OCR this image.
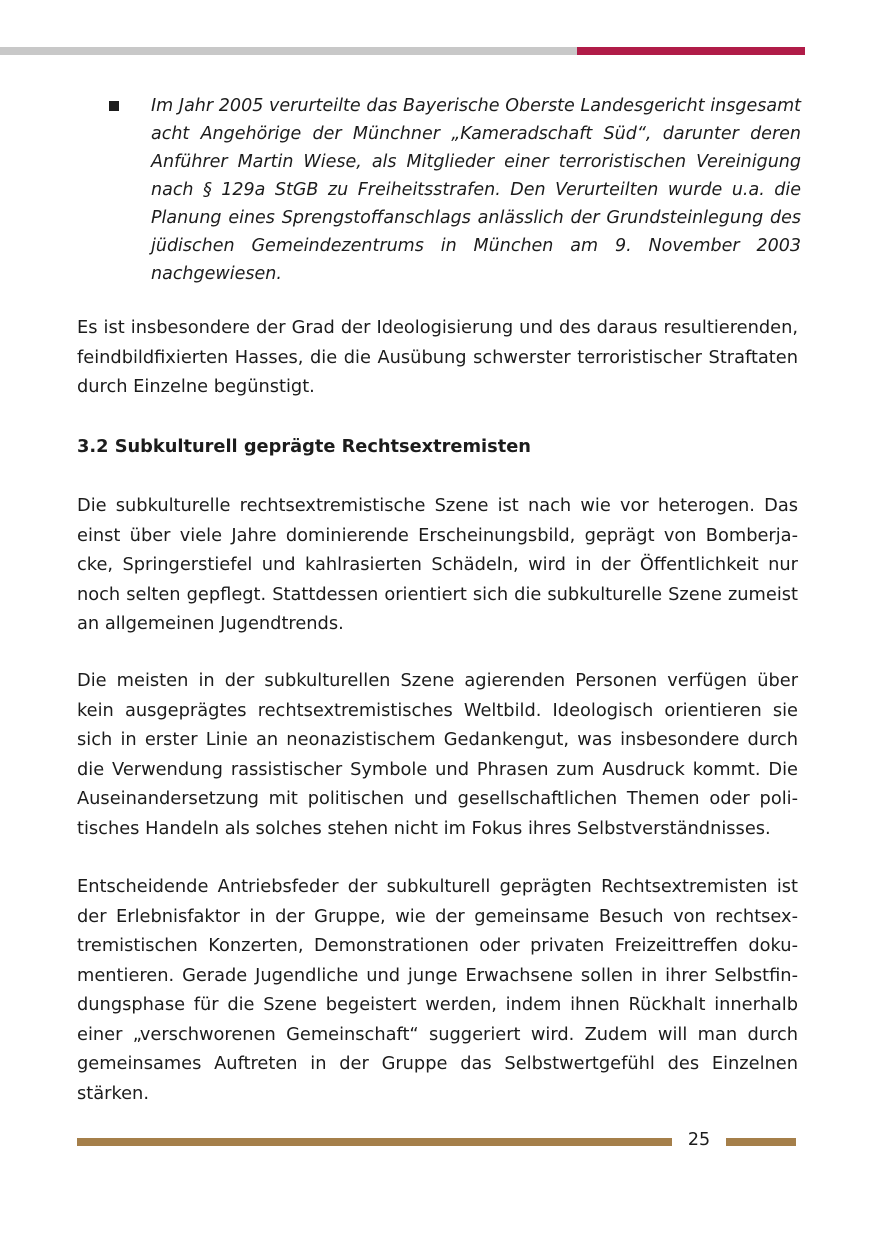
Im Jahr 2005 verurteilte das Bayerische Oberste Landesgericht insgesamt acht Angehörige der Münchner „Kameradschaft Süd“, darunter deren Anführer Martin Wiese, als Mitglieder einer terroristischen Vereinigung nach § 129a StGB zu Freiheitsstrafen. Den Verurteilten wurde u.a. die Planung eines Sprengstoffanschlags anlässlich der Grundsteinlegung des jüdischen Gemeindezentrums in München am 9. November 2003 nachgewiesen.

Es ist insbesondere der Grad der Ideologisierung und des daraus resultierenden, feindbildfixierten Hasses, die die Ausübung schwerster terroristischer Straftaten durch Einzelne begünstigt.

3.2 Subkulturell geprägte Rechtsextremisten

Die subkulturelle rechtsextremistische Szene ist nach wie vor heterogen. Das einst über viele Jahre dominierende Erscheinungsbild, geprägt von Bomberjacke, Springerstiefel und kahlrasierten Schädeln, wird in der Öffentlichkeit nur noch selten gepflegt. Stattdessen orientiert sich die subkulturelle Szene zumeist an allgemeinen Jugendtrends.

Die meisten in der subkulturellen Szene agierenden Personen verfügen über kein ausgeprägtes rechtsextremistisches Weltbild. Ideologisch orientieren sie sich in erster Linie an neonazistischem Gedankengut, was insbesondere durch die Verwendung rassistischer Symbole und Phrasen zum Ausdruck kommt. Die Auseinandersetzung mit politischen und gesellschaftlichen Themen oder politisches Handeln als solches stehen nicht im Fokus ihres Selbstverständnisses.

Entscheidende Antriebsfeder der subkulturell geprägten Rechtsextremisten ist der Erlebnisfaktor in der Gruppe, wie der gemeinsame Besuch von rechtsextremistischen Konzerten, Demonstrationen oder privaten Freizeittreffen dokumentieren. Gerade Jugendliche und junge Erwachsene sollen in ihrer Selbstfindungsphase für die Szene begeistert werden, indem ihnen Rückhalt innerhalb einer „verschworenen Gemeinschaft“ suggeriert wird. Zudem will man durch gemeinsames Auftreten in der Gruppe das Selbstwertgefühl des Einzelnen stärken.

25
